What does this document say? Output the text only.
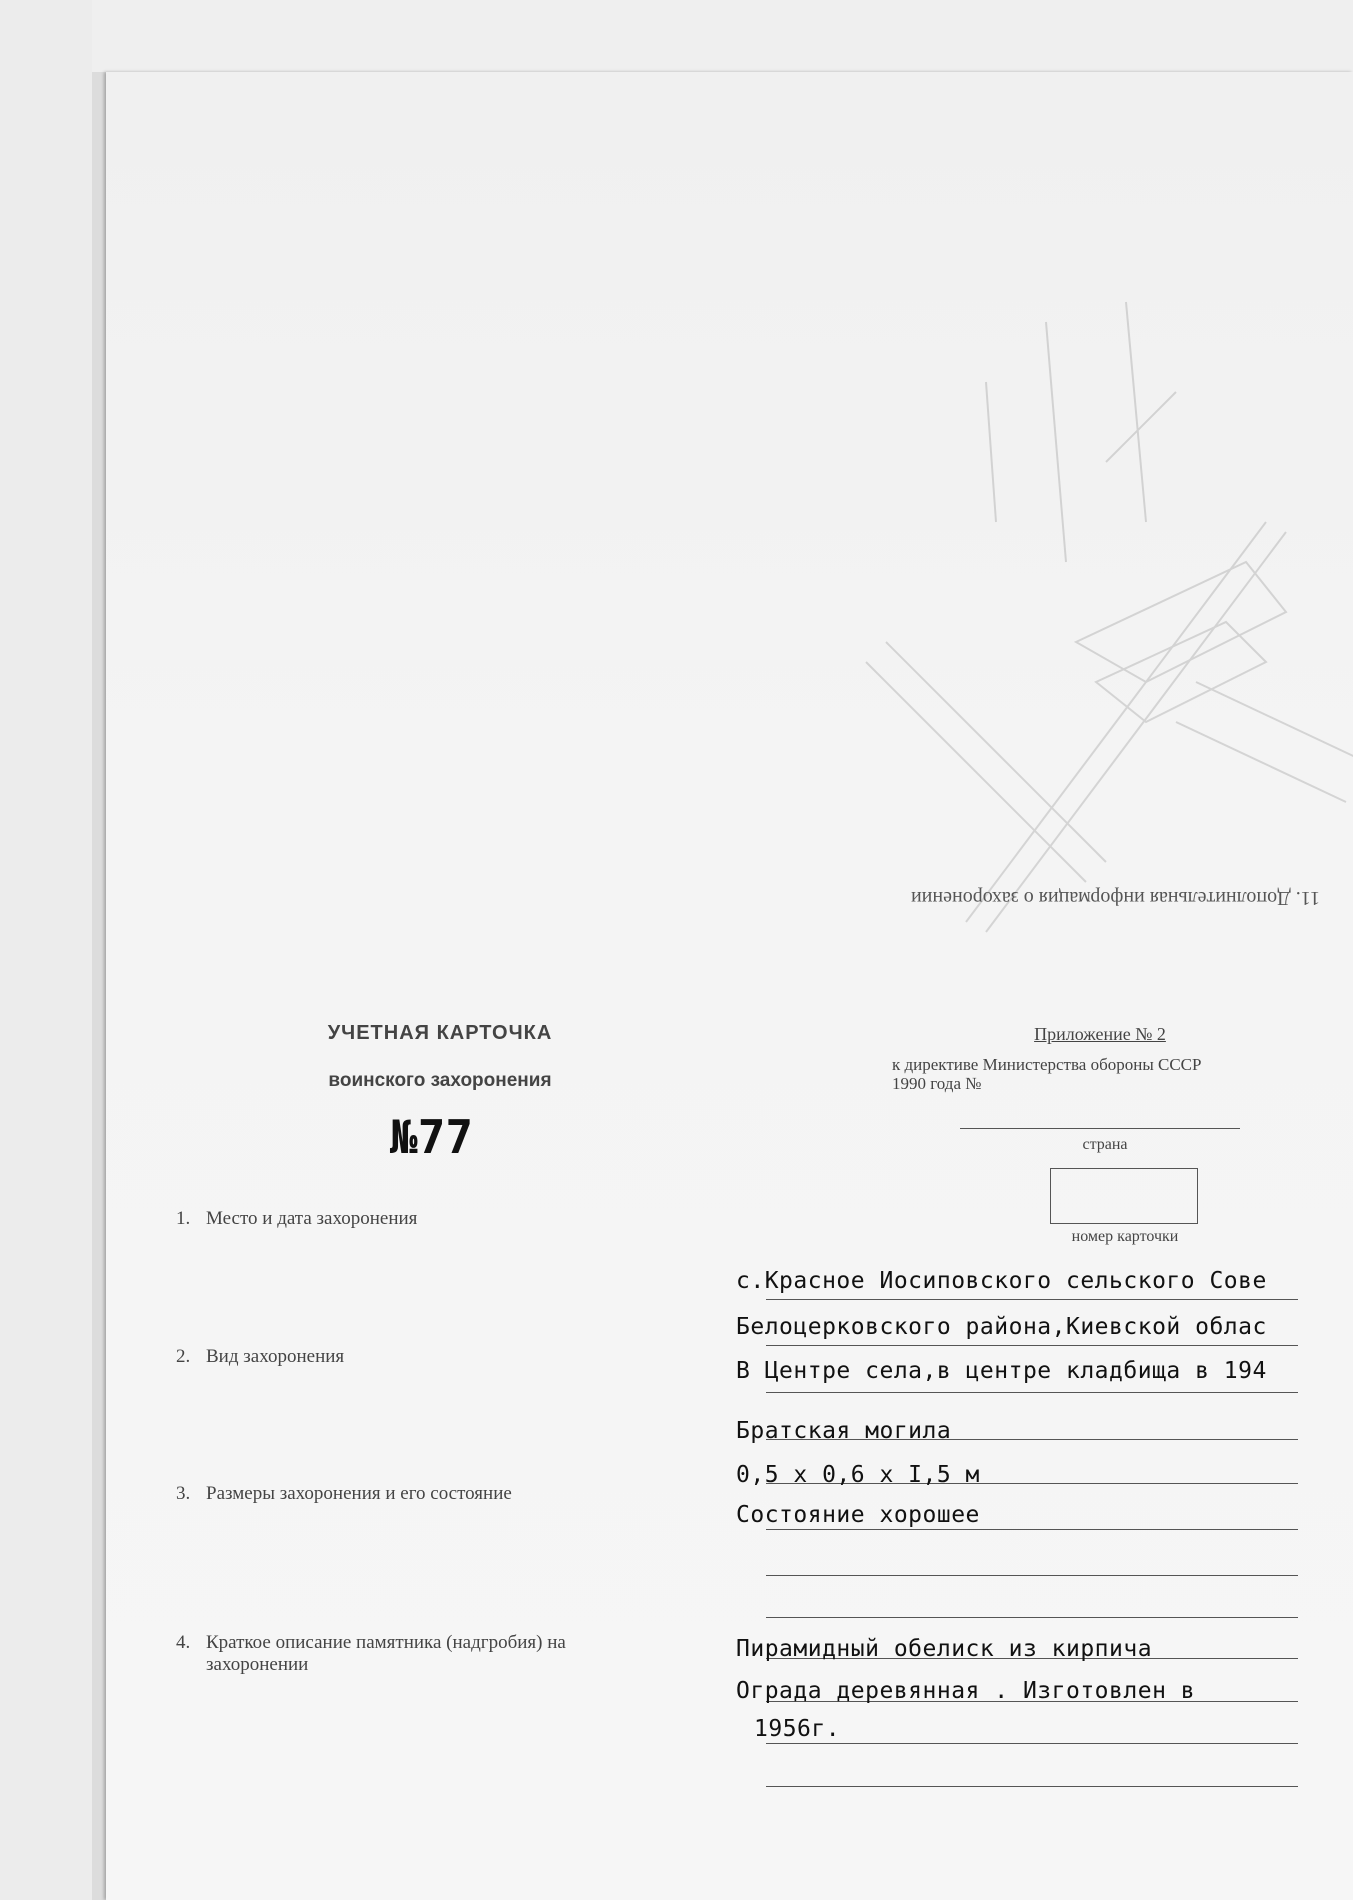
11. Дополнительная информация о захоронении
УЧЕТНАЯ КАРТОЧКА
воинского захоронения
№77
Приложение № 2
к директиве Министерства обороны СССР
1990 года №
страна
номер карточки
1. Место и дата захоронения
2. Вид захоронения
3. Размеры захоронения и его состояние
4. Краткое описание памятника (надгробия) на
захоронении
с.Красное Иосиповского сельского Сове
Белоцерковского района,Киевской облас
В Центре села,в центре кладбища в 194
Братская могила
0,5 х 0,6 х I,5 м
Состояние хорошее
Пирамидный обелиск из кирпича
Ограда деревянная . Изготовлен в
1956г.
